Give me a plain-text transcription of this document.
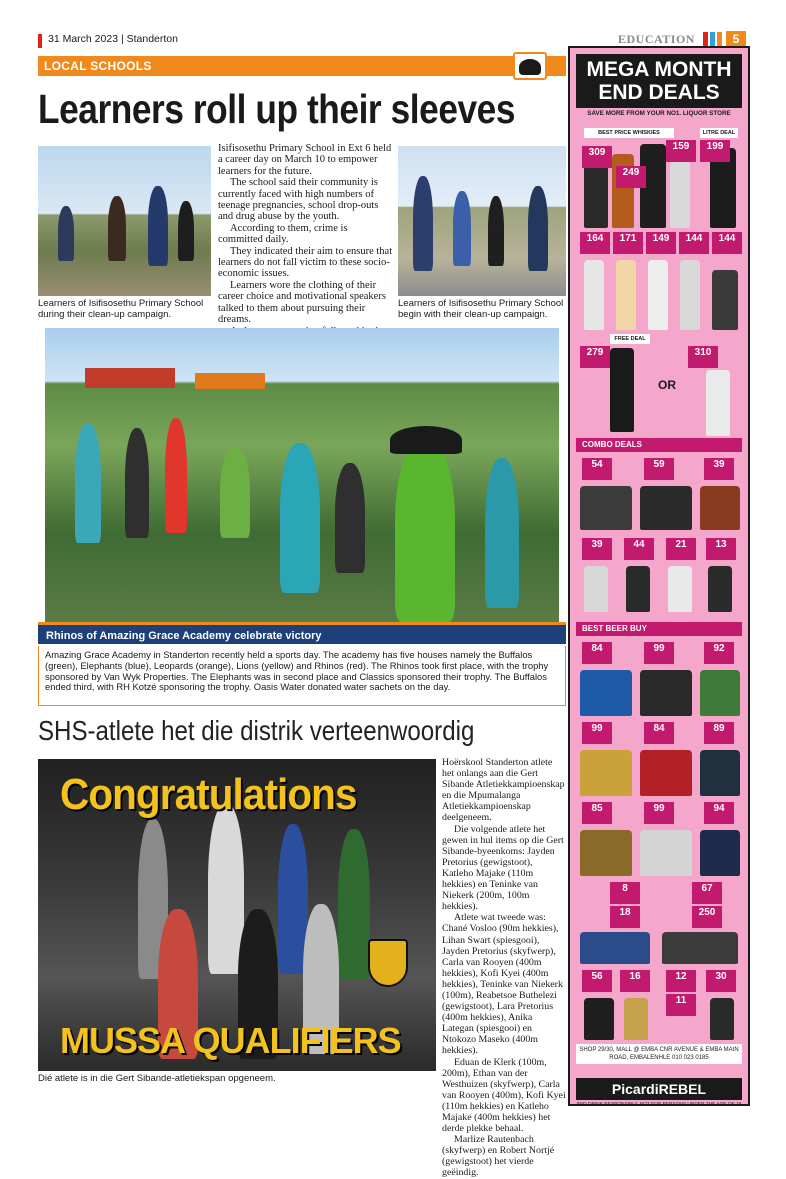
31 March 2023 | Standerton	EDUCATION	5
LOCAL SCHOOLS
Learners roll up their sleeves
Learners of Isifisosethu Primary School during their clean-up campaign.

Isifisosethu Primary School in Ext 6 held a career day on March 10 to empower learners for the future.

The school said their community is currently faced with high numbers of teenage pregnancies, school drop-outs and drug abuse by the youth.

According to them, crime is committed daily.

They indicated their aim to ensure that learners do not fall victim to these socio-economic issues.

Learners wore the clothing of their career choice and motivational speakers talked to them about pursuing their dreams.

Learners of Isifisosethu Primary School begin with their clean-up campaign.
Rhinos of Amazing Grace Academy celebrate victory
Amazing Grace Academy in Standerton recently held a sports day. The academy has five houses namely the Buffalos (green), Elephants (blue), Leopards (orange), Lions (yellow) and Rhinos (red). The Rhinos took first place, with the trophy sponsored by Van Wyk Properties. The Elephants was in second place and Classics sponsored their trophy. The Buffalos ended third, with RH Kotzé sponsoring the trophy. Oasis Water donated water sachets on the day.
SHS-atlete het die distrik verteenwoordig
Congratulations
MUSSA QUALIFIERS
Dié atlete is in die Gert Sibande-atletiekspan opgeneem.

Hoërskool Standerton atlete het onlangs aan die Gert Sibande Atletiekkampioenskap en die Mpumalanga Atletiekkampioenskap deelgeneem.

Die volgende atlete het gewen in hul items op die Gert Sibande-byeenkoms: Jayden Pretorius (gewigstoot), Katleho Majake (110m hekkies) en Teninke van Niekerk (200m, 100m hekkies).

Atlete wat tweede was: Chané Vosloo (90m hekkies), Lihan Swart (spiesgooi), Jayden Pretorius (skyfwerp), Carla van Rooyen (400m hekkies), Kofi Kyei (400m hekkies), Teninke van Niekerk (100m), Reabetsoe Buthelezi (gewigstoot), Lara Pretorius (400m hekkies), Anika Lategan (spiesgooi) en Ntokozo Maseko (400m hekkies).

Eduan de Klerk (100m, 200m), Ethan van der Westhuizen (skyfwerp), Carla van Rooyen (400m), Kofi Kyei (110m hekkies) en Katleho Majake (400m hekkies) het derde plekke behaal.

Marlize Rautenbach (skyfwerp) en Robert Nortjé (gewigstoot) het vierde geëindig.

MEGA MONTH
END DEALS
SAVE MORE FROM YOUR NO1. LIQUOR STORE
BEST PRICE WHISKIES	LITRE DEAL
309
249
159	199
164	171	149	144	144
FREE DEAL
279	310
OR
COMBO DEALS
54	59	39
39	44	21	13
BEST BEER BUY
84	99	92
99	84	89
85	99	94
8	67
18	250
56	16	12
11
30
SHOP 29/30, MALL @ EMBA CNR AVENUE & EMBA MAIN ROAD, EMBALENHLE 010 023 0185
PicardiREBEL
#NO DRINK RESPONSIBLY. NOT FOR PERSONS UNDER THE AGE OF 18
